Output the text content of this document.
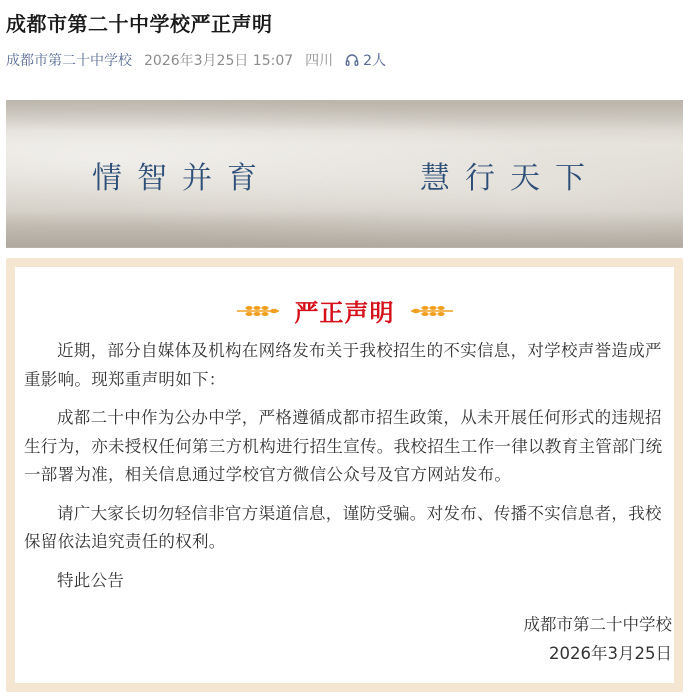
成都市第二十中学校严正声明
成都市第二十中学校 2026年3月25日 15:07 四川 2人
情智并育	慧行天下
严正声明

近期，部分自媒体及机构在网络发布关于我校招生的不实信息，对学校声誉造成严重影响。现郑重声明如下：

成都二十中作为公办中学，严格遵循成都市招生政策，从未开展任何形式的违规招生行为，亦未授权任何第三方机构进行招生宣传。我校招生工作一律以教育主管部门统一部署为准，相关信息通过学校官方微信公众号及官方网站发布。

请广大家长切勿轻信非官方渠道信息，谨防受骗。对发布、传播不实信息者，我校保留依法追究责任的权利。

特此公告

成都市第二十中学校
2026年3月25日
